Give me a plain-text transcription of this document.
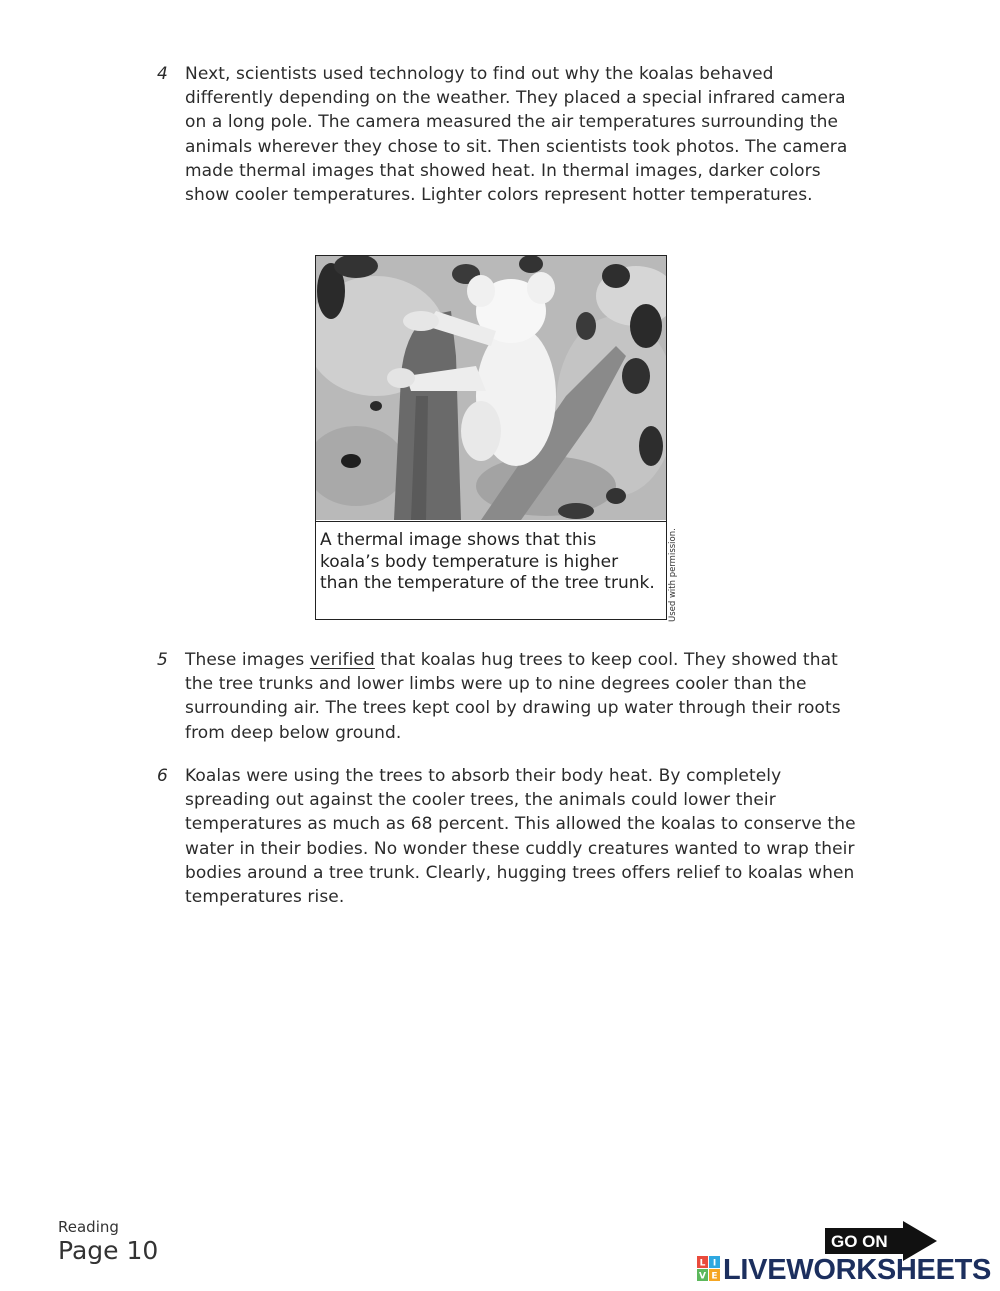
4 Next, scientists used technology to find out why the koalas behaved differently depending on the weather. They placed a special infrared camera on a long pole. The camera measured the air temperatures surrounding the animals wherever they chose to sit. Then scientists took photos. The camera made thermal images that showed heat. In thermal images, darker colors show cooler temperatures. Lighter colors represent hotter temperatures.
A thermal image shows that this koala’s body temperature is higher than the temperature of the tree trunk. Used with permission.
5 These images verified that koalas hug trees to keep cool. They showed that the tree trunks and lower limbs were up to nine degrees cooler than the surrounding air. The trees kept cool by drawing up water through their roots from deep below ground.
6 Koalas were using the trees to absorb their body heat. By completely spreading out against the cooler trees, the animals could lower their temperatures as much as 68 percent. This allowed the koalas to conserve the water in their bodies. No wonder these cuddly creatures wanted to wrap their bodies around a tree trunk. Clearly, hugging trees offers relief to koalas when temperatures rise.
Reading
Page 10	GO ON
L I
V E LIVEWORKSHEETS
